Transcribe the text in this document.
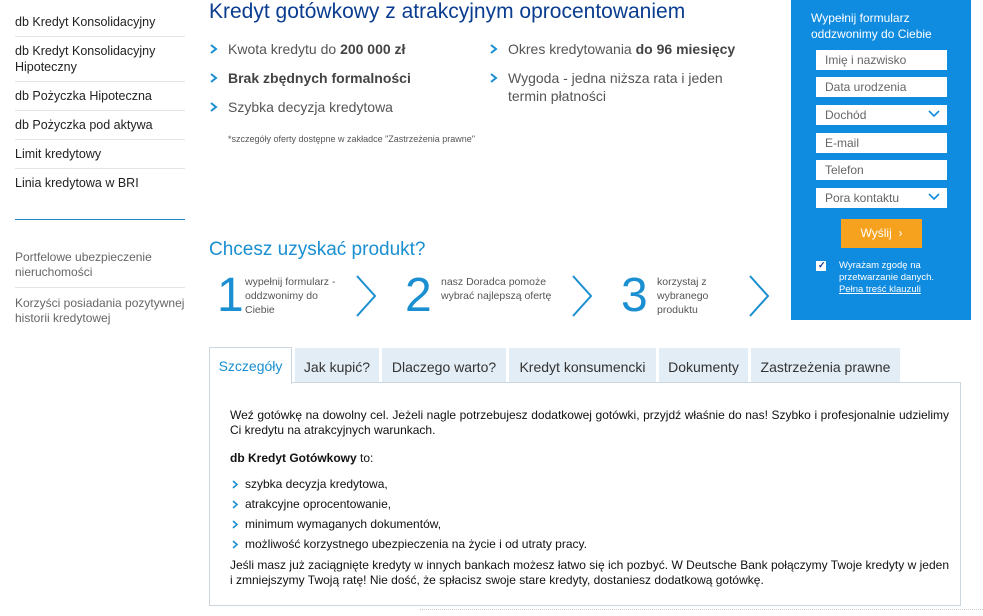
db Kredyt Konsolidacyjny
db Kredyt Konsolidacyjny Hipoteczny
db Pożyczka Hipoteczna
db Pożyczka pod aktywa
Limit kredytowy
Linia kredytowa w BRI
Portfelowe ubezpieczenie nieruchomości
Korzyści posiadania pozytywnej historii kredytowej
Kredyt gotówkowy z atrakcyjnym oprocentowaniem
Kwota kredytu do 200 000 zł
Brak zbędnych formalności
Szybka decyzja kredytowa
Okres kredytowania do 96 miesięcy
Wygoda - jedna niższa rata i jeden termin płatności
*szczegóły oferty dostępne w zakładce "Zastrzeżenia prawne"
Chcesz uzyskać produkt?
1 wypełnij formularz - oddzwonimy do Ciebie	2 nasz Doradca pomoże wybrać najlepszą ofertę 3 korzystaj z wybranego produktu
Wypełnij formularz oddzwonimy do Ciebie
Imię i nazwisko
Data urodzenia
Dochód
E-mail
Telefon
Pora kontaktu
Wyślij  ›
✓ Wyrażam zgodę na przetwarzanie danych.
Pełna treść klauzuli
Szczegóły	Jak kupić?	Dlaczego warto?	Kredyt konsumencki	Dokumenty	Zastrzeżenia prawne

Weź gotówkę na dowolny cel. Jeżeli nagle potrzebujesz dodatkowej gotówki, przyjdź właśnie do nas! Szybko i profesjonalnie udzielimy Ci kredytu na atrakcyjnych warunkach.

db Kredyt Gotówkowy to:
szybka decyzja kredytowa,
atrakcyjne oprocentowanie,
minimum wymaganych dokumentów,
możliwość korzystnego ubezpieczenia na życie i od utraty pracy.

Jeśli masz już zaciągnięte kredyty w innych bankach możesz łatwo się ich pozbyć. W Deutsche Bank połączymy Twoje kredyty w jeden i zmniejszymy Twoją ratę! Nie dość, że spłacisz swoje stare kredyty, dostaniesz dodatkową gotówkę.
